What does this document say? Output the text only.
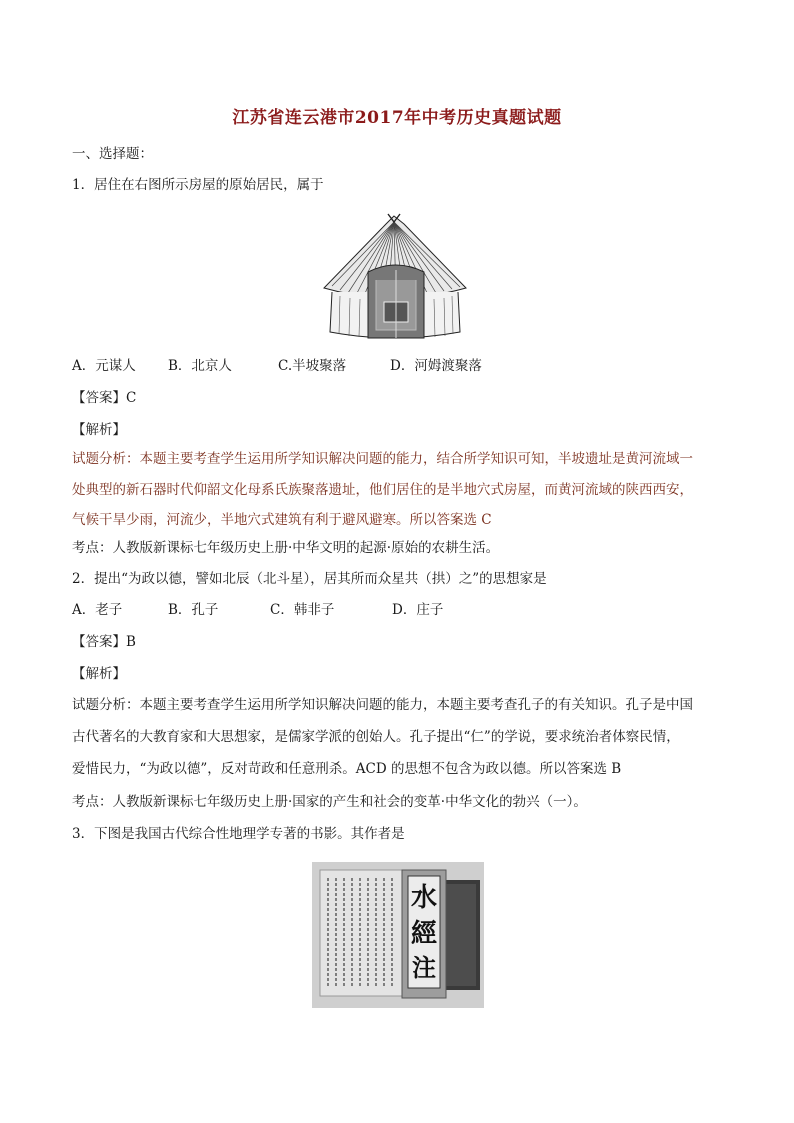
江苏省连云港市2017年中考历史真题试题
一、选择题：
1．居住在右图所示房屋的原始居民，属于
A．元谋人 B．北京人	C.半坡聚落	D．河姆渡聚落
【答案】C
【解析】
试题分析：本题主要考查学生运用所学知识解决问题的能力，结合所学知识可知，半坡遗址是黄河流域一
处典型的新石器时代仰韶文化母系氏族聚落遗址，他们居住的是半地穴式房屋，而黄河流域的陕西西安，
气候干旱少雨，河流少，半地穴式建筑有利于避风避寒。所以答案选 C
考点：人教版新课标七年级历史上册·中华文明的起源·原始的农耕生活。
2．提出“为政以德，譬如北辰（北斗星），居其所而众星共（拱）之”的思想家是
A．老子	B．孔子	C．韩非子	D．庄子
【答案】B
【解析】
试题分析：本题主要考查学生运用所学知识解决问题的能力，本题主要考查孔子的有关知识。孔子是中国
古代著名的大教育家和大思想家，是儒家学派的创始人。孔子提出“仁”的学说，要求统治者体察民情，
爱惜民力，“为政以德”，反对苛政和任意刑杀。ACD 的思想不包含为政以德。所以答案选 B
考点：人教版新课标七年级历史上册·国家的产生和社会的变革·中华文化的勃兴（一）。
3．下图是我国古代综合性地理学专著的书影。其作者是
水
經
注
